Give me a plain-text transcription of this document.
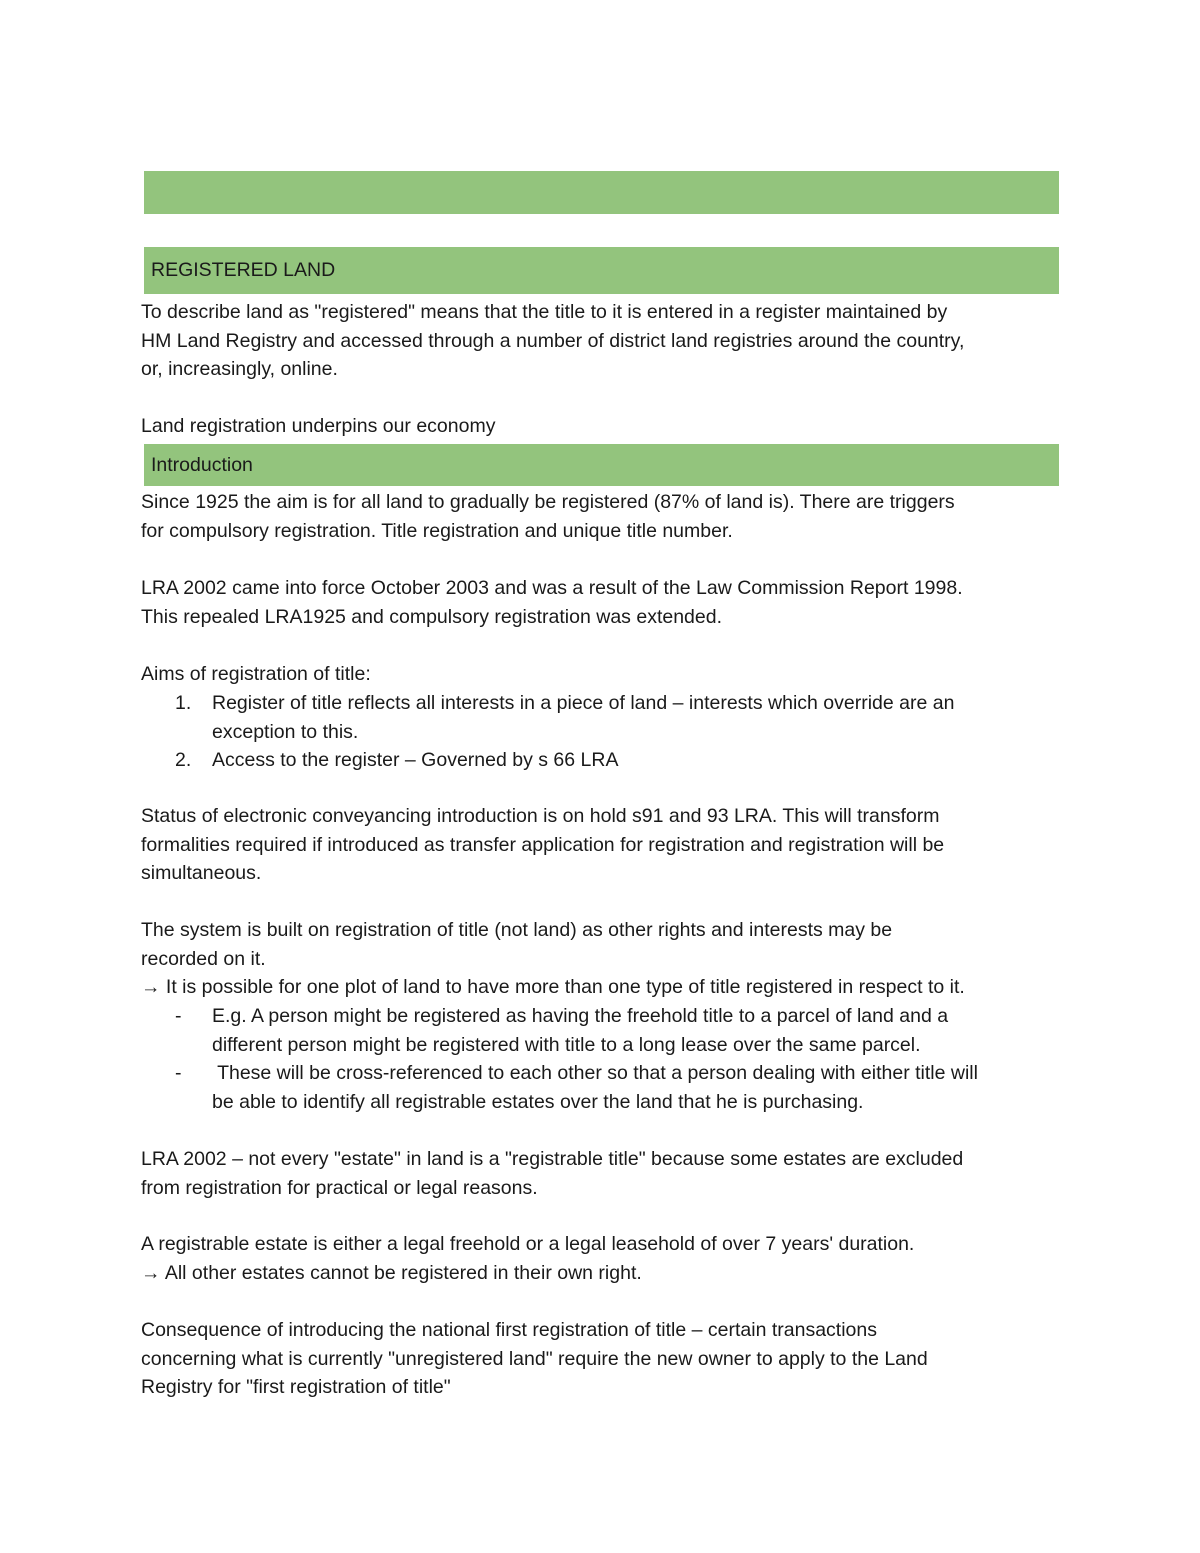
REGISTERED LAND
To describe land as "registered" means that the title to it is entered in a register maintained by
HM Land Registry and accessed through a number of district land registries around the country,
or, increasingly, online.
Land registration underpins our economy
Introduction
Since 1925 the aim is for all land to gradually be registered (87% of land is). There are triggers
for compulsory registration. Title registration and unique title number.
LRA 2002 came into force October 2003 and was a result of the Law Commission Report 1998.
This repealed LRA1925 and compulsory registration was extended.
Aims of registration of title:
1.	Register of title reflects all interests in a piece of land – interests which override are an
exception to this.
2.	Access to the register – Governed by s 66 LRA
Status of electronic conveyancing introduction is on hold s91 and 93 LRA. This will transform
formalities required if introduced as transfer application for registration and registration will be
simultaneous.
The system is built on registration of title (not land) as other rights and interests may be
recorded on it.
→ It is possible for one plot of land to have more than one type of title registered in respect to it.
-	E.g. A person might be registered as having the freehold title to a parcel of land and a
different person might be registered with title to a long lease over the same parcel.
-	These will be cross-referenced to each other so that a person dealing with either title will
be able to identify all registrable estates over the land that he is purchasing.
LRA 2002 – not every "estate" in land is a "registrable title" because some estates are excluded
from registration for practical or legal reasons.
A registrable estate is either a legal freehold or a legal leasehold of over 7 years' duration.
→ All other estates cannot be registered in their own right.
Consequence of introducing the national first registration of title – certain transactions
concerning what is currently "unregistered land" require the new owner to apply to the Land
Registry for "first registration of title"
